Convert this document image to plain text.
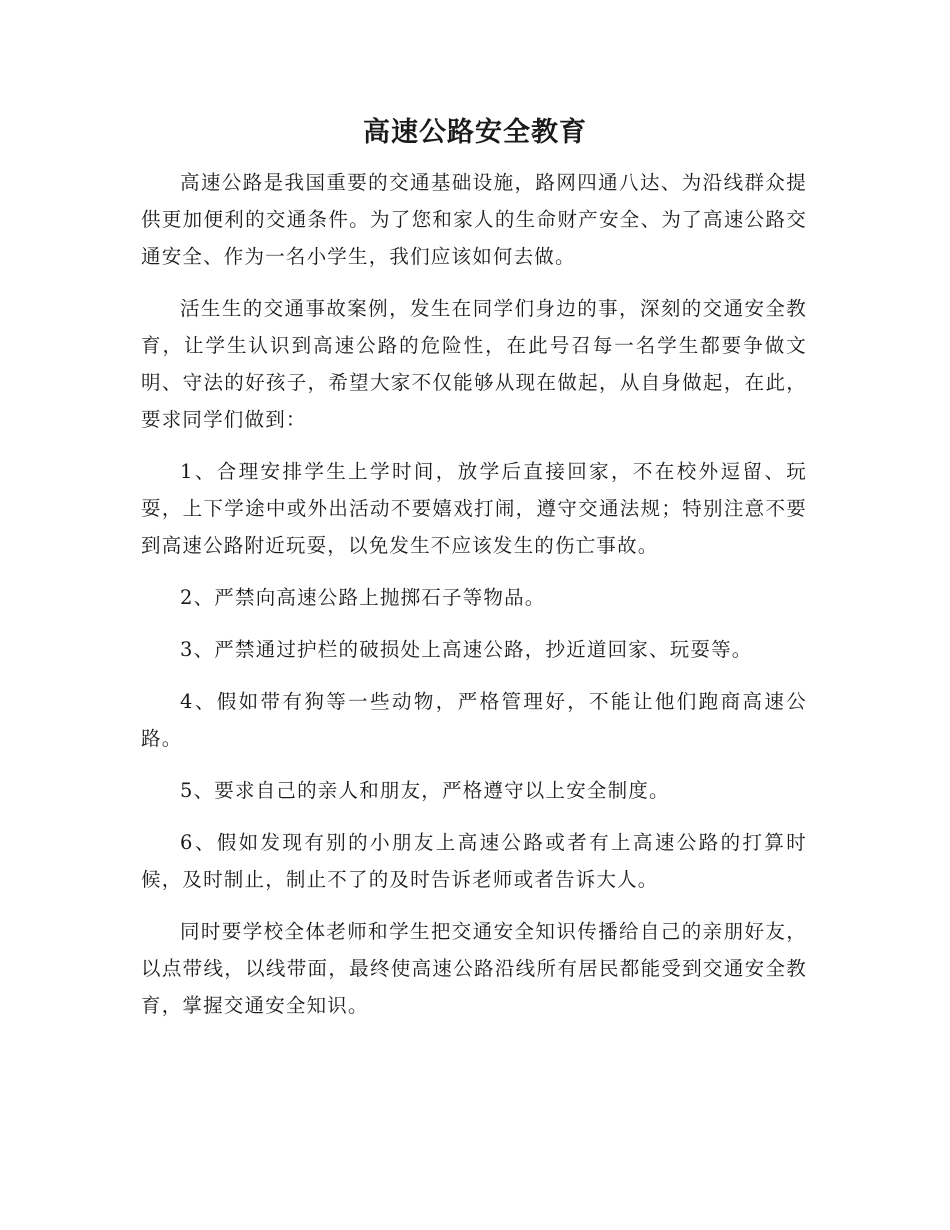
高速公路安全教育

高速公路是我国重要的交通基础设施，路网四通八达、为沿线群众提供更加便利的交通条件。为了您和家人的生命财产安全、为了高速公路交通安全、作为一名小学生，我们应该如何去做。

活生生的交通事故案例，发生在同学们身边的事，深刻的交通安全教育，让学生认识到高速公路的危险性，在此号召每一名学生都要争做文明、守法的好孩子，希望大家不仅能够从现在做起，从自身做起，在此，要求同学们做到：

1、合理安排学生上学时间，放学后直接回家，不在校外逗留、玩耍，上下学途中或外出活动不要嬉戏打闹，遵守交通法规；特别注意不要到高速公路附近玩耍，以免发生不应该发生的伤亡事故。

2、严禁向高速公路上抛掷石子等物品。

3、严禁通过护栏的破损处上高速公路，抄近道回家、玩耍等。

4、假如带有狗等一些动物，严格管理好，不能让他们跑商高速公路。

5、要求自己的亲人和朋友，严格遵守以上安全制度。

6、假如发现有别的小朋友上高速公路或者有上高速公路的打算时候，及时制止，制止不了的及时告诉老师或者告诉大人。

同时要学校全体老师和学生把交通安全知识传播给自己的亲朋好友，以点带线，以线带面，最终使高速公路沿线所有居民都能受到交通安全教育，掌握交通安全知识。
